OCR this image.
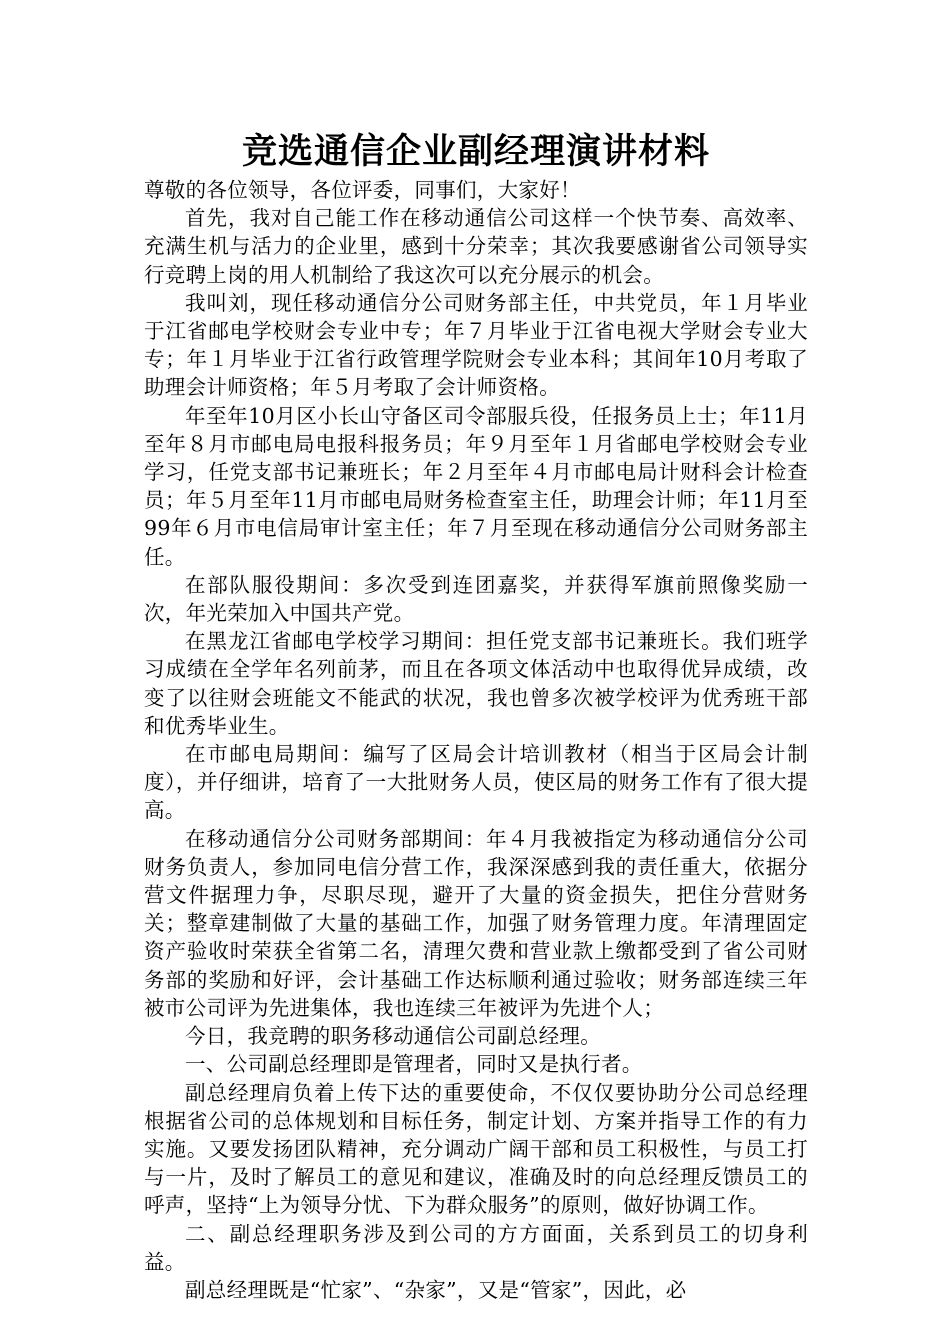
竞选通信企业副经理演讲材料

尊敬的各位领导，各位评委，同事们，大家好！

首先，我对自己能工作在移动通信公司这样一个快节奏、高效率、充满生机与活力的企业里，感到十分荣幸；其次我要感谢省公司领导实行竞聘上岗的用人机制给了我这次可以充分展示的机会。

我叫刘，现任移动通信分公司财务部主任，中共党员，年１月毕业于江省邮电学校财会专业中专；年７月毕业于江省电视大学财会专业大专；年１月毕业于江省行政管理学院财会专业本科；其间年10月考取了助理会计师资格；年５月考取了会计师资格。

年至年10月区小长山守备区司令部服兵役，任报务员上士；年11月至年８月市邮电局电报科报务员；年９月至年１月省邮电学校财会专业学习，任党支部书记兼班长；年２月至年４月市邮电局计财科会计检查员；年５月至年11月市邮电局财务检查室主任，助理会计师；年11月至99年６月市电信局审计室主任；年７月至现在移动通信分公司财务部主任。

在部队服役期间：多次受到连团嘉奖，并获得军旗前照像奖励一次，年光荣加入中国共产党。

在黑龙江省邮电学校学习期间：担任党支部书记兼班长。我们班学习成绩在全学年名列前茅，而且在各项文体活动中也取得优异成绩，改变了以往财会班能文不能武的状况，我也曾多次被学校评为优秀班干部和优秀毕业生。

在市邮电局期间：编写了区局会计培训教材（相当于区局会计制度），并仔细讲，培育了一大批财务人员，使区局的财务工作有了很大提高。

在移动通信分公司财务部期间：年４月我被指定为移动通信分公司财务负责人，参加同电信分营工作，我深深感到我的责任重大，依据分营文件据理力争，尽职尽现，避开了大量的资金损失，把住分营财务关；整章建制做了大量的基础工作，加强了财务管理力度。年清理固定资产验收时荣获全省第二名，清理欠费和营业款上缴都受到了省公司财务部的奖励和好评，会计基础工作达标顺利通过验收；财务部连续三年被市公司评为先进集体，我也连续三年被评为先进个人；

今日，我竞聘的职务移动通信公司副总经理。

一、公司副总经理即是管理者，同时又是执行者。

副总经理肩负着上传下达的重要使命，不仅仅要协助分公司总经理根据省公司的总体规划和目标任务，制定计划、方案并指导工作的有力实施。又要发扬团队精神，充分调动广阔干部和员工积极性，与员工打与一片，及时了解员工的意见和建议，准确及时的向总经理反馈员工的呼声，坚持“上为领导分忧、下为群众服务”的原则，做好协调工作。

二、副总经理职务涉及到公司的方方面面，关系到员工的切身利益。

副总经理既是“忙家”、“杂家”，又是“管家”，因此，必
